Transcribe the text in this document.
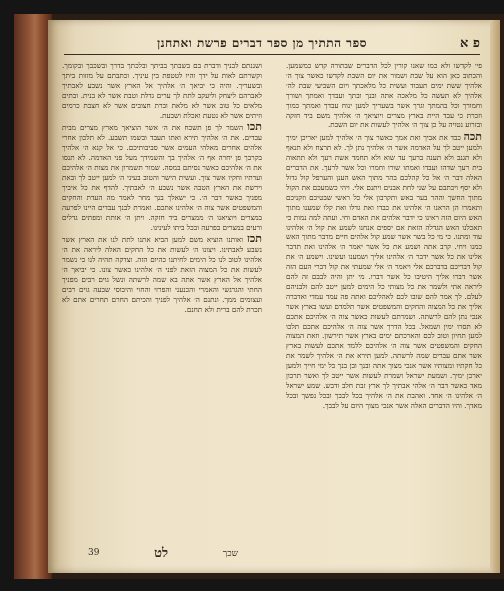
פ א
ספר התתיך מן ספר דברים פרשת ואתחנן

פי׳ לקדשו ולא כמו שאנו קורין לכל הדברים שבתורה קדש כמשמען. והכתוב כאן הוא על שבת ושמור את יום השבת לקדשו כאשר צוך ה׳ אלהיך ששת ימים תעבוד ועשית כל מלאכתך ויום השביעי שבת לה׳ אלהיך לא תעשה כל מלאכה אתה ובנך ובתך ועבדך ואמתך ושורך וחמורך וכל בהמתך וגרך אשר בשעריך למען ינוח עבדך ואמתך כמוך וזכרת כי עבד היית בארץ מצרים ויוציאך ה׳ אלהיך משם ביד חזקה ובזרוע נטויה על כן צוך ה׳ אלהיך לעשות את יום השבת.

תכה כבד את אביך ואת אמך כאשר צוך ה׳ אלהיך למען יאריכן ימיך ולמען ייטב לך על האדמה אשר ה׳ אלהיך נתן לך. לא תרצח ולא תנאף ולא תגנב ולא תענה ברעך עד שוא ולא תחמד אשת רעך ולא תתאוה בית רעך שדהו ועבדו ואמתו שורו וחמרו וכל אשר לרעך. את הדברים האלה דבר ה׳ אל כל קהלכם בהר מתוך האש הענן והערפל קול גדול ולא יסף ויכתבם על שני לחת אבנים ויתנם אלי. ויהי כשמעכם את הקול מתוך החשך וההר בער באש ותקרבון אלי כל ראשי שבטיכם וזקניכם ותאמרו הן הראנו ה׳ אלהינו את כבדו ואת גדלו ואת קלו שמענו מתוך האש היום הזה ראינו כי ידבר אלהים את האדם וחי. ועתה למה נמות כי תאכלנו האש הגדלה הזאת אם יספים אנחנו לשמע את קול ה׳ אלהינו עוד ומתנו. כי מי כל בשר אשר שמע קול אלהים חיים מדבר מתוך האש כמנו ויחי. קרב אתה ושמע את כל אשר יאמר ה׳ אלהינו ואת תדבר אלינו את כל אשר ידבר ה׳ אלהינו אליך ושמענו ועשינו. וישמע ה׳ את קול דבריכם בדברכם אלי ויאמר ה׳ אלי שמעתי את קול דברי העם הזה אשר דברו אליך היטיבו כל אשר דברו. מי יתן והיה לבבם זה להם ליראה אתי ולשמר את כל מצותי כל הימים למען ייטב להם ולבניהם לעלם. לך אמר להם שובו לכם לאהליכם ואתה פה עמד עמדי ואדברה אליך את כל המצוה והחקים והמשפטים אשר תלמדם ועשו בארץ אשר אנכי נתן להם לרשתה. ושמרתם לעשות כאשר צוה ה׳ אלהיכם אתכם לא תסרו ימין ושמאל. בכל הדרך אשר צוה ה׳ אלהיכם אתכם תלכו למען תחיון וטוב לכם והארכתם ימים בארץ אשר תירשון. וזאת המצוה החקים והמשפטים אשר צוה ה׳ אלהיכם ללמד אתכם לעשות בארץ אשר אתם עברים שמה לרשתה. למען תירא את ה׳ אלהיך לשמר את כל חקתיו ומצותיו אשר אנכי מצוך אתה ובנך ובן בנך כל ימי חייך ולמען יארכן ימיך. ושמעת ישראל ושמרת לעשות אשר ייטב לך ואשר תרבון מאד כאשר דבר ה׳ אלהי אבתיך לך ארץ זבת חלב ודבש. שמע ישראל ה׳ אלהינו ה׳ אחד. ואהבת את ה׳ אלהיך בכל לבבך ובכל נפשך ובכל מאדך. והיו הדברים האלה אשר אנכי מצוך היום על לבבך.

ושננתם לבניך ודברת בם בשבתך בביתך ובלכתך בדרך ובשכבך ובקומך. וקשרתם לאות על ידך והיו לטטפת בין עיניך. וכתבתם על מזזות ביתך ובשעריך. והיה כי יביאך ה׳ אלהיך אל הארץ אשר נשבע לאבתיך לאברהם ליצחק וליעקב לתת לך ערים גדלת וטבת אשר לא בנית. ובתים מלאים כל טוב אשר לא מלאת וברת חצובים אשר לא חצבת כרמים וזיתים אשר לא נטעת ואכלת ושבעת.

תכו השמר לך פן תשכח את ה׳ אשר הוציאך מארץ מצרים מבית עבדים. את ה׳ אלהיך תירא ואתו תעבד ובשמו תשבע. לא תלכון אחרי אלהים אחרים מאלהי העמים אשר סביבותיכם. כי אל קנא ה׳ אלהיך בקרבך פן יחרה אף ה׳ אלהיך בך והשמידך מעל פני האדמה. לא תנסו את ה׳ אלהיכם כאשר נסיתם במסה. שמור תשמרון את מצות ה׳ אלהיכם ועדתיו וחקיו אשר צוך. ועשית הישר והטוב בעיני ה׳ למען ייטב לך ובאת וירשת את הארץ הטבה אשר נשבע ה׳ לאבתיך. להדף את כל איביך מפניך כאשר דבר ה׳. כי ישאלך בנך מחר לאמר מה העדת והחקים והמשפטים אשר צוה ה׳ אלהינו אתכם. ואמרת לבנך עבדים היינו לפרעה במצרים ויוציאנו ה׳ ממצרים ביד חזקה. ויתן ה׳ אותת ומפתים גדלים ורעים במצרים בפרעה ובכל ביתו לעינינו.

תכז ואותנו הוציא משם למען הביא אתנו לתת לנו את הארץ אשר נשבע לאבתינו. ויצונו ה׳ לעשות את כל החקים האלה ליראה את ה׳ אלהינו לטוב לנו כל הימים לחיתנו כהיום הזה. וצדקה תהיה לנו כי נשמר לעשות את כל המצוה הזאת לפני ה׳ אלהינו כאשר צונו. כי יביאך ה׳ אלהיך אל הארץ אשר אתה בא שמה לרשתה ונשל גוים רבים מפניך החתי והגרגשי והאמרי והכנעני והפרזי והחוי והיבוסי שבעה גוים רבים ועצומים ממך. ונתנם ה׳ אלהיך לפניך והכיתם החרם תחרים אתם לא תכרת להם ברית ולא תחנם.

שכך
לט
39
